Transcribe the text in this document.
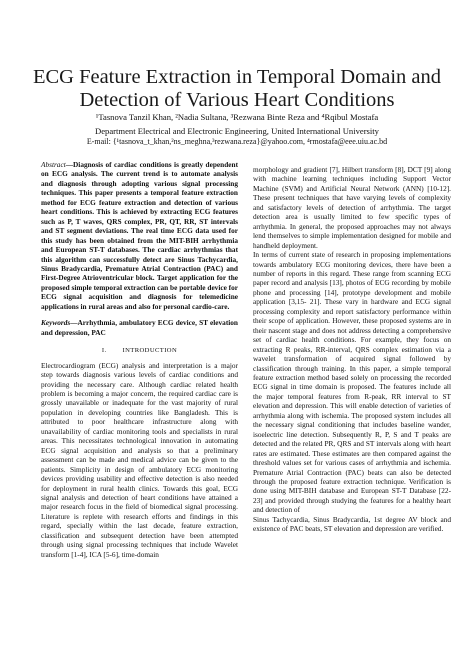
ECG Feature Extraction in Temporal Domain and
Detection of Various Heart Conditions
¹Tasnova Tanzil Khan, ²Nadia Sultana, ³Rezwana Binte Reza and ⁴Rqibul Mostafa
Department Electrical and Electronic Engineering, United International University
E-mail: {¹tasnova_t_khan,²ns_meghna,³rezwana.reza}@yahoo.com, ⁴rmostafa@eee.uiu.ac.bd

Abstract—Diagnosis of cardiac conditions is greatly dependent on ECG analysis. The current trend is to automate analysis and diagnosis through adopting various signal processing techniques. This paper presents a temporal feature extraction method for ECG feature extraction and detection of various heart conditions. This is achieved by extracting ECG features such as P, T waves, QRS complex, PR, QT, RR, ST intervals and ST segment deviations. The real time ECG data used for this study has been obtained from the MIT-BIH arrhythmia and European ST-T databases. The cardiac arrhythmias that this algorithm can successfully detect are Sinus Tachycardia, Sinus Bradycardia, Premature Atrial Contraction (PAC) and First-Degree Atrioventricular block. Target application for the proposed simple temporal extraction can be portable device for ECG signal acquisition and diagnosis for telemedicine applications in rural areas and also for personal cardio-care.

Keywords—Arrhythmia, ambulatory ECG device, ST elevation and depression, PAC

I. INTRODUCTION

Electrocardiogram (ECG) analysis and interpretation is a major step towards diagnosis various levels of cardiac conditions and providing the necessary care. Although cardiac related health problem is becoming a major concern, the required cardiac care is grossly unavailable or inadequate for the vast majority of rural population in developing countries like Bangladesh. This is attributed to poor healthcare infrastructure along with unavailability of cardiac monitoring tools and specialists in rural areas. This necessitates technological innovation in automating ECG signal acquisition and analysis so that a preliminary assessment can be made and medical advice can be given to the patients. Simplicity in design of ambulatory ECG monitoring devices providing usability and effective detection is also needed for deployment in rural health clinics. Towards this goal, ECG signal analysis and detection of heart conditions have attained a major research focus in the field of biomedical signal processing. Literature is replete with research efforts and findings in this regard, specially within the last decade, feature extraction, classification and subsequent detection have been attempted through using signal processing techniques that include Wavelet transform [1-4], ICA [5-6], time-domain

morphology and gradient [7], Hilbert transform [8], DCT [9] along with machine learning techniques including Support Vector Machine (SVM) and Artificial Neural Network (ANN) [10-12]. These present techniques that have varying levels of complexity and satisfactory levels of detection of arrhythmia. The target detection area is usually limited to few specific types of arrhythmia. In general, the proposed approaches may not always lend themselves to simple implementation designed for mobile and handheld deployment.

In terms of current state of research in proposing implementations towards ambulatory ECG monitoring devices, there have been a number of reports in this regard. These range from scanning ECG paper record and analysis [13], photos of ECG recording by mobile phone and processing [14], prototype development and mobile application [3,15- 21]. These vary in hardware and ECG signal processing complexity and report satisfactory performance within their scope of application. However, these proposed systems are in their nascent stage and does not address detecting a comprehensive set of cardiac health conditions. For example, they focus on extracting R peaks, RR-interval, QRS complex estimation via a wavelet transformation of acquired signal followed by classification through training. In this paper, a simple temporal feature extraction method based solely on processing the recorded ECG signal in time domain is proposed. The features include all the major temporal features from R-peak, RR interval to ST elevation and depression. This will enable detection of varieties of arrhythmia along with ischemia. The proposed system includes all the necessary signal conditioning that includes baseline wander, isoelectric line detection. Subsequently R, P, S and T peaks are detected and the related PR, QRS and ST intervals along with heart rates are estimated. These estimates are then compared against the threshold values set for various cases of arrhythmia and ischemia. Premature Atrial Contraction (PAC) beats can also be detected through the proposed feature extraction technique. Verification is done using MIT-BIH database and European ST-T Database [22-23] and provided through studying the features for a healthy heart and detection of

Sinus Tachycardia, Sinus Bradycardia, 1st degree AV block and existence of PAC beats, ST elevation and depression are verified.
